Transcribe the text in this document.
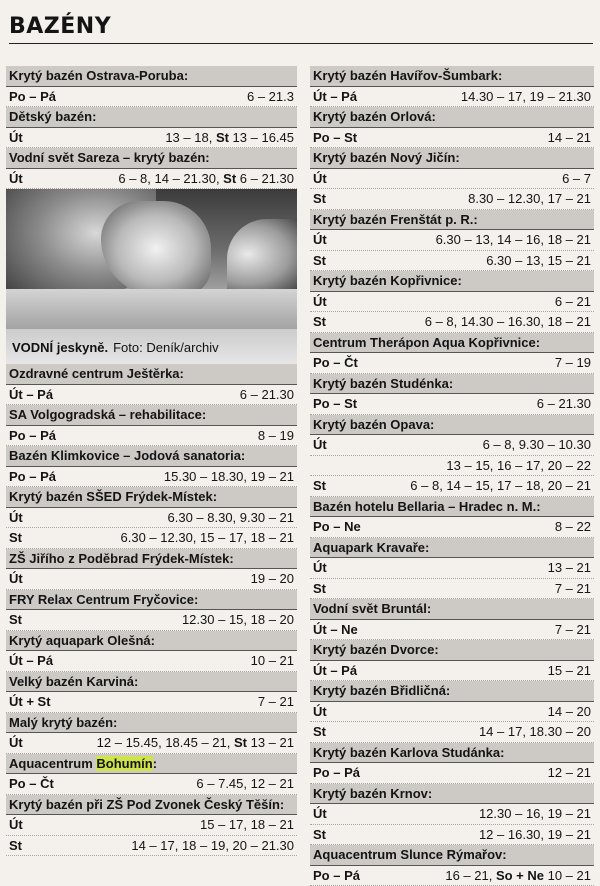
BAZÉNY
Krytý bazén Ostrava-Poruba:
Po – Pá	6 – 21.3
Dětský bazén:
Út	13 – 18, St 13 – 16.45
Vodní svět Sareza – krytý bazén:
Út	6 – 8, 14 – 21.30, St 6 – 21.30
VODNÍ jeskyně. Foto: Deník/archiv
Ozdravné centrum Ještěrka:
Út – Pá	6 – 21.30
SA Volgogradská – rehabilitace:
Po – Pá	8 – 19
Bazén Klimkovice – Jodová sanatoria:
Po – Pá	15.30 – 18.30, 19 – 21
Krytý bazén SŠED Frýdek-Místek:
Út	6.30 – 8.30, 9.30 – 21
St	6.30 – 12.30, 15 – 17, 18 – 21
ZŠ Jiřího z Poděbrad Frýdek-Místek:
Út	19 – 20
FRY Relax Centrum Fryčovice:
St	12.30 – 15, 18 – 20
Krytý aquapark Olešná:
Út – Pá	10 – 21
Velký bazén Karviná:
Út + St	7 – 21
Malý krytý bazén:
Út	12 – 15.45, 18.45 – 21, St 13 – 21
Aquacentrum Bohumín:
Po – Čt	6 – 7.45, 12 – 21
Krytý bazén při ZŠ Pod Zvonek Český Těšín:
Út	15 – 17, 18 – 21
St	14 – 17, 18 – 19, 20 – 21.30
Krytý bazén Havířov-Šumbark:
Út – Pá	14.30 – 17, 19 – 21.30
Krytý bazén Orlová:
Po – St	14 – 21
Krytý bazén Nový Jičín:
Út	6 – 7
St	8.30 – 12.30, 17 – 21
Krytý bazén Frenštát p. R.:
Út	6.30 – 13, 14 – 16, 18 – 21
St	6.30 – 13, 15 – 21
Krytý bazén Kopřivnice:
Út	6 – 21
St	6 – 8, 14.30 – 16.30, 18 – 21
Centrum Therápon Aqua Kopřivnice:
Po – Čt	7 – 19
Krytý bazén Studénka:
Po – St	6 – 21.30
Krytý bazén Opava:
Út	6 – 8, 9.30 – 10.30
13 – 15, 16 – 17, 20 – 22
St	6 – 8, 14 – 15, 17 – 18, 20 – 21
Bazén hotelu Bellaria – Hradec n. M.:
Po – Ne	8 – 22
Aquapark Kravaře:
Út	13 – 21
St	7 – 21
Vodní svět Bruntál:
Út – Ne	7 – 21
Krytý bazén Dvorce:
Út – Pá	15 – 21
Krytý bazén Břidličná:
Út	14 – 20
St	14 – 17, 18.30 – 20
Krytý bazén Karlova Studánka:
Po – Pá	12 – 21
Krytý bazén Krnov:
Út	12.30 – 16, 19 – 21
St	12 – 16.30, 19 – 21
Aquacentrum Slunce Rýmařov:
Po – Pá	16 – 21, So + Ne 10 – 21
